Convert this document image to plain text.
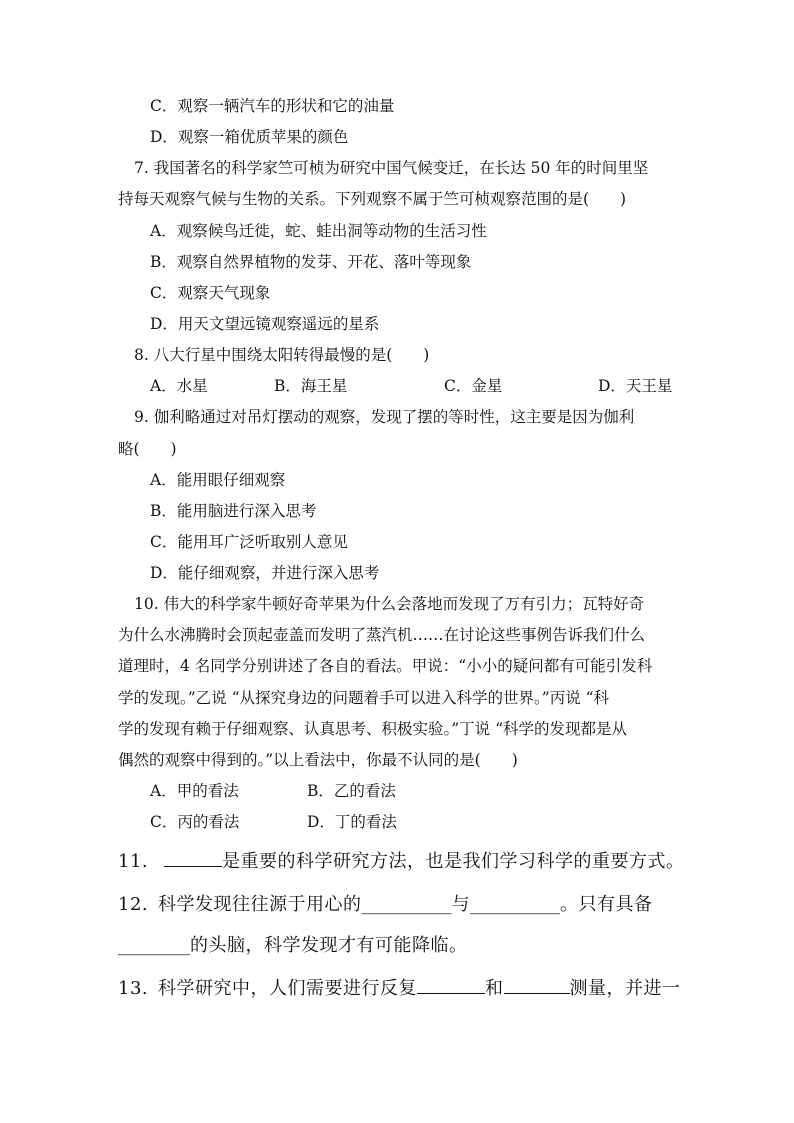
C．观察一辆汽车的形状和它的油量
D．观察一箱优质苹果的颜色
7. 我国著名的科学家竺可桢为研究中国气候变迁，在长达 50 年的时间里坚
持每天观察气候与生物的关系。下列观察不属于竺可桢观察范围的是(　　)
A．观察候鸟迁徙，蛇、蛙出洞等动物的生活习性
B．观察自然界植物的发芽、开花、落叶等现象
C．观察天气现象
D．用天文望远镜观察遥远的星系
8. 八大行星中围绕太阳转得最慢的是(　　)
A．水星	B．海王星	C．金星	D．天王星
9. 伽利略通过对吊灯摆动的观察，发现了摆的等时性，这主要是因为伽利
略(　　)
A．能用眼仔细观察
B．能用脑进行深入思考
C．能用耳广泛听取别人意见
D．能仔细观察，并进行深入思考
10. 伟大的科学家牛顿好奇苹果为什么会落地而发现了万有引力；瓦特好奇
为什么水沸腾时会顶起壶盖而发明了蒸汽机……在讨论这些事例告诉我们什么
道理时，4 名同学分别讲述了各自的看法。甲说：“小小的疑问都有可能引发科
学的发现。”乙说 “从探究身边的问题着手可以进入科学的世界。”丙说 “科
学的发现有赖于仔细观察、认真思考、积极实验。”丁说 “科学的发现都是从
偶然的观察中得到的。”以上看法中，你最不认同的是(　　)
A．甲的看法	B．乙的看法
C．丙的看法	D．丁的看法
11.	是重要的科学研究方法，也是我们学习科学的重要方式。
12. 科学发现往往源于用心的__________与__________。只有具备
________的头脑，科学发现才有可能降临。
13. 科学研究中，人们需要进行反复	和	测量，并进一
